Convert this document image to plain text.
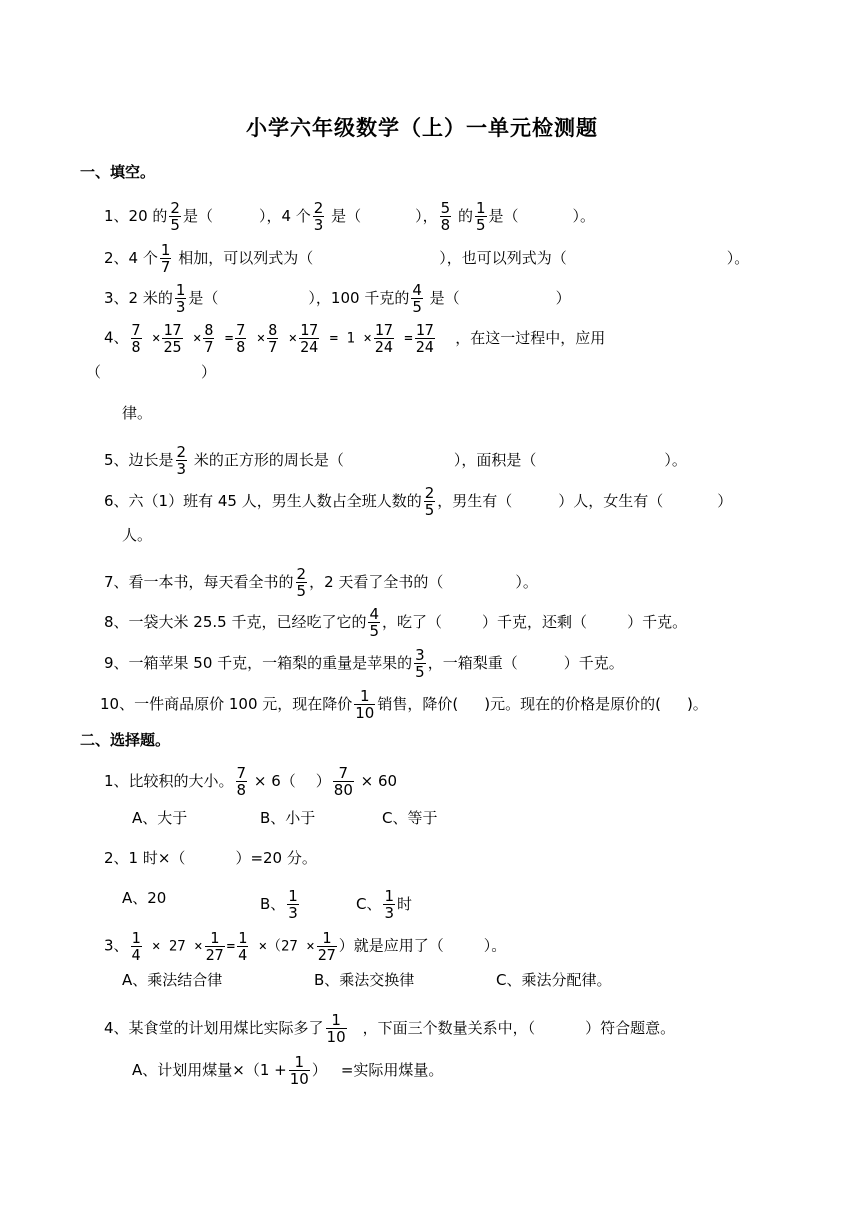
小学六年级数学（上）一单元检测题
一、填空。
1、20 的 $\frac{2}{5}$ 是（	），4 个 $\frac{2}{3}$ 是（	）， $\frac{5}{8}$ 的 $\frac{1}{5}$ 是（	）。
2、4 个 $\frac{1}{7}$ 相加，可以列式为（	），也可以列式为（	）。
3、2 米的 $\frac{1}{3}$ 是（	），100 千克的 $\frac{4}{5}$ 是（	）
4、 $\frac{7}{8} \times \frac{17}{25} \times \frac{8}{7} = \frac{7}{8} \times \frac{8}{7} \times \frac{17}{24} = 1 \times \frac{17}{24} = \frac{17}{24}$ ，在这一过程中，应用
（	）
律。
5、边长是 $\frac{2}{3}$ 米的正方形的周长是（	），面积是（	）。
6、六（1）班有 45 人，男生人数占全班人数的 $\frac{2}{5}$ ，男生有（	）人，女生有（	）
人。
7、看一本书，每天看全书的 $\frac{2}{5}$ ，2 天看了全书的（	）。
8、一袋大米 25.5 千克，已经吃了它的 $\frac{4}{5}$ ，吃了（	）千克，还剩（	）千克。
9、一箱苹果 50 千克，一箱梨的重量是苹果的 $\frac{3}{5}$ ，一箱梨重（	）千克。
10、一件商品原价 100 元，现在降价 $\frac{1}{10}$ 销售，降价( )元。现在的价格是原价的( )。
二、选择题。
1、比较积的大小。 $\frac{7}{8} \times 6$（ ） $\frac{7}{80} \times 60$
A、大于	B、小于	C、等于
2、1 时×（	）=20 分。
A、20	B、 $\frac{1}{3}$	C、 $\frac{1}{3}$ 时
3、 $\frac{1}{4} \times 27 \times \frac{1}{27} = \frac{1}{4} \times(27 \times \frac{1}{27}$ ）就是应用了（	）。
A、乘法结合律	B、乘法交换律	C、乘法分配律。
4、某食堂的计划用煤比实际多了 $\frac{1}{10}$ ，下面三个数量关系中，（	）符合题意。
A、计划用煤量$\times(1 + \frac{1}{10}$ ） =实际用煤量。
